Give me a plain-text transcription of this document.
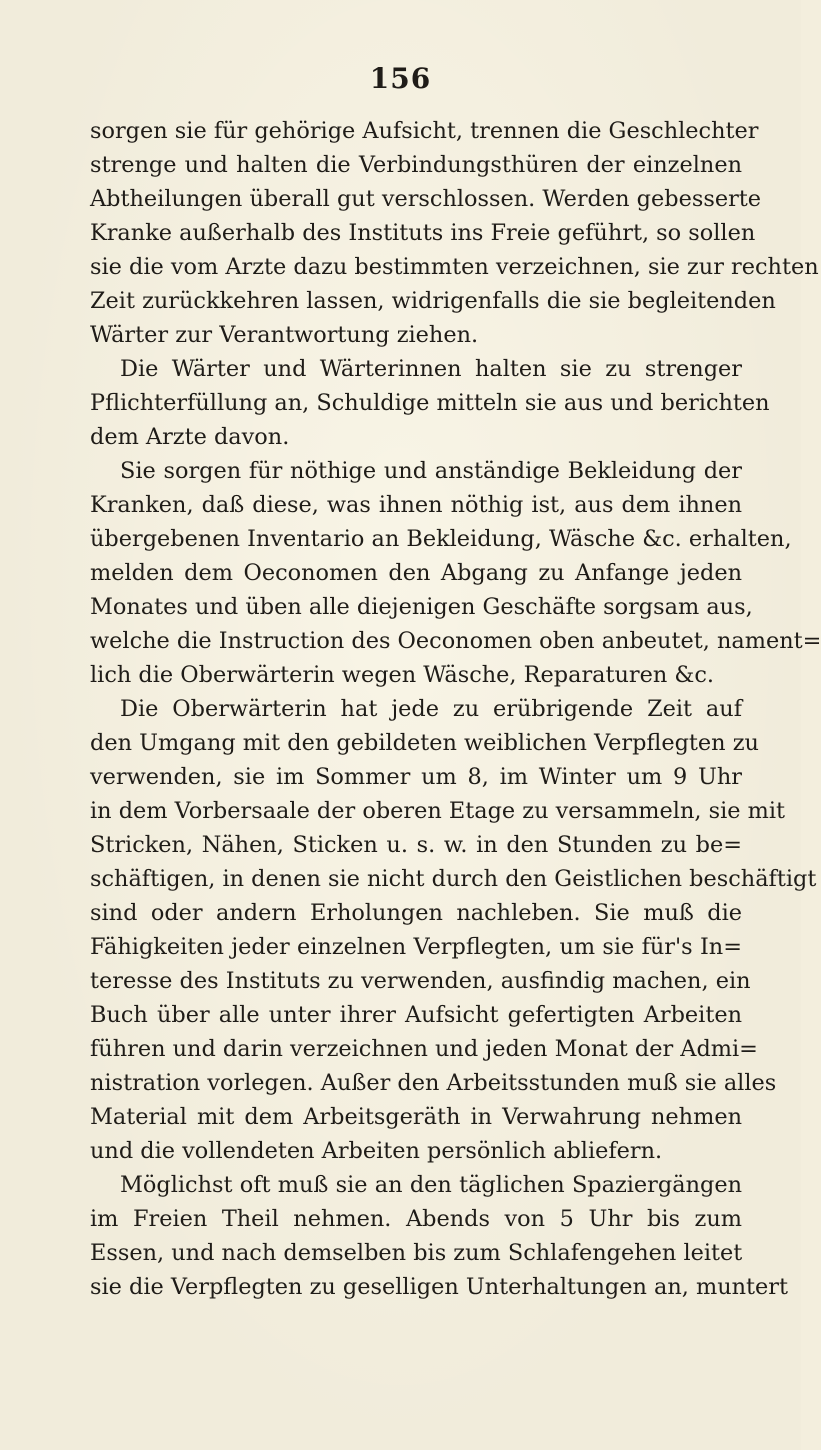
156
sorgen sie für gehörige Aufsicht, trennen die Geschlechter
strenge und halten die Verbindungsthüren der einzelnen
Abtheilungen überall gut verschlossen. Werden gebesserte
Kranke außerhalb des Instituts ins Freie geführt, so sollen
sie die vom Arzte dazu bestimmten verzeichnen, sie zur rechten
Zeit zurückkehren lassen, widrigenfalls die sie begleitenden
Wärter zur Verantwortung ziehen.
Die Wärter und Wärterinnen halten sie zu strenger
Pflichterfüllung an, Schuldige mitteln sie aus und berichten
dem Arzte davon.
Sie sorgen für nöthige und anständige Bekleidung der
Kranken, daß diese, was ihnen nöthig ist, aus dem ihnen
übergebenen Inventario an Bekleidung, Wäsche &c. erhalten,
melden dem Oeconomen den Abgang zu Anfange jeden
Monates und üben alle diejenigen Geschäfte sorgsam aus,
welche die Instruction des Oeconomen oben anbeutet, nament=
lich die Oberwärterin wegen Wäsche, Reparaturen &c.
Die Oberwärterin hat jede zu erübrigende Zeit auf
den Umgang mit den gebildeten weiblichen Verpflegten zu
verwenden, sie im Sommer um 8, im Winter um 9 Uhr
in dem Vorbersaale der oberen Etage zu versammeln, sie mit
Stricken, Nähen, Sticken u. s. w. in den Stunden zu be=
schäftigen, in denen sie nicht durch den Geistlichen beschäftigt
sind oder andern Erholungen nachleben. Sie muß die
Fähigkeiten jeder einzelnen Verpflegten, um sie für's In=
teresse des Instituts zu verwenden, ausfindig machen, ein
Buch über alle unter ihrer Aufsicht gefertigten Arbeiten
führen und darin verzeichnen und jeden Monat der Admi=
nistration vorlegen. Außer den Arbeitsstunden muß sie alles
Material mit dem Arbeitsgeräth in Verwahrung nehmen
und die vollendeten Arbeiten persönlich abliefern.
Möglichst oft muß sie an den täglichen Spaziergängen
im Freien Theil nehmen. Abends von 5 Uhr bis zum
Essen, und nach demselben bis zum Schlafengehen leitet
sie die Verpflegten zu geselligen Unterhaltungen an, muntert
